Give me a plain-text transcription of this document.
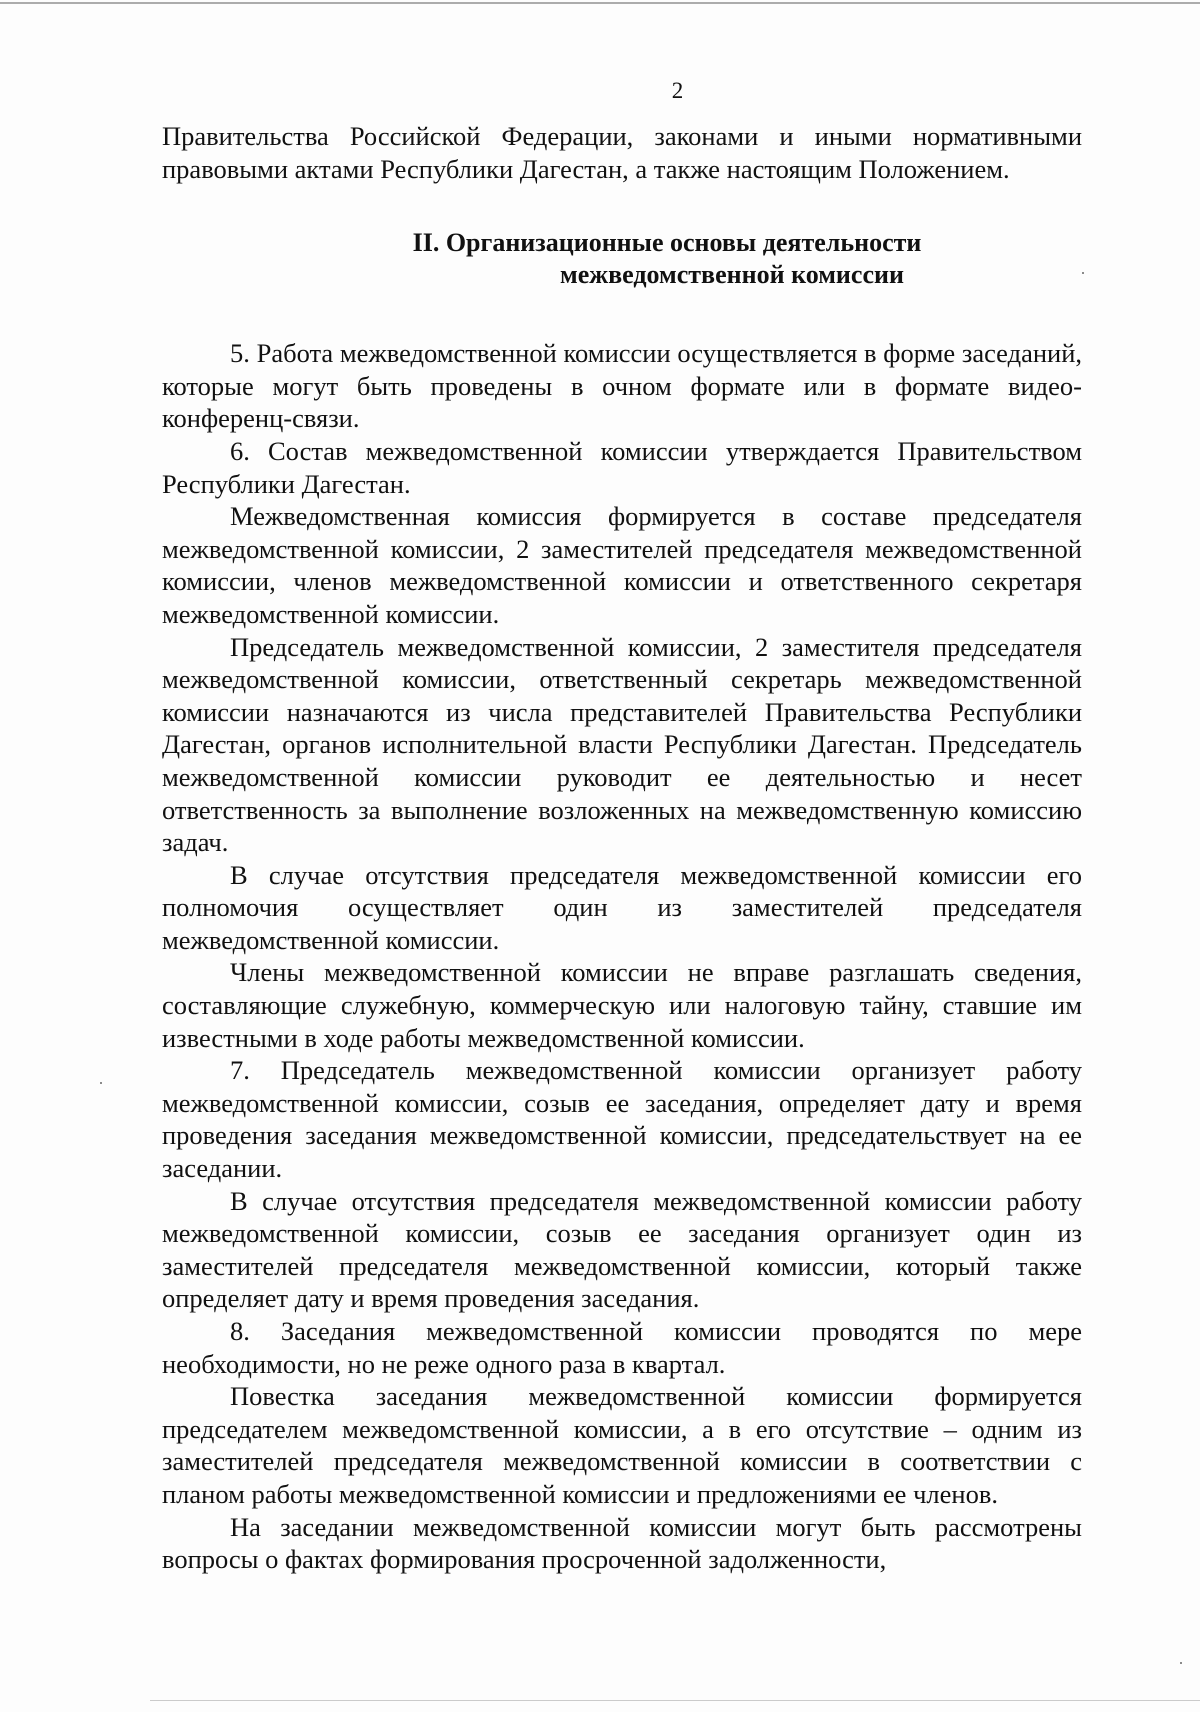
2

Правительства Российской Федерации, законами и иными нормативными правовыми актами Республики Дагестан, а также настоящим Положением.

II. Организационные основы деятельности
межведомственной комиссии

5. Работа межведомственной комиссии осуществляется в форме заседаний, которые могут быть проведены в очном формате или в формате видео-конференц-связи.

6. Состав межведомственной комиссии утверждается Правительством Республики Дагестан.

Межведомственная комиссия формируется в составе председателя межведомственной комиссии, 2 заместителей председателя межведомственной комиссии, членов межведомственной комиссии и ответственного секретаря межведомственной комиссии.

Председатель межведомственной комиссии, 2 заместителя председателя межведомственной комиссии, ответственный секретарь межведомственной комиссии назначаются из числа представителей Правительства Республики Дагестан, органов исполнительной власти Республики Дагестан. Председатель межведомственной комиссии руководит ее деятельностью и несет ответственность за выполнение возложенных на межведомственную комиссию задач.

В случае отсутствия председателя межведомственной комиссии его полномочия осуществляет один из заместителей председателя межведомственной комиссии.

Члены межведомственной комиссии не вправе разглашать сведения, составляющие служебную, коммерческую или налоговую тайну, ставшие им известными в ходе работы межведомственной комиссии.

7. Председатель межведомственной комиссии организует работу межведомственной комиссии, созыв ее заседания, определяет дату и время проведения заседания межведомственной комиссии, председательствует на ее заседании.

В случае отсутствия председателя межведомственной комиссии работу межведомственной комиссии, созыв ее заседания организует один из заместителей председателя межведомственной комиссии, который также определяет дату и время проведения заседания.

8. Заседания межведомственной комиссии проводятся по мере необходимости, но не реже одного раза в квартал.

Повестка заседания межведомственной комиссии формируется председателем межведомственной комиссии, а в его отсутствие – одним из заместителей председателя межведомственной комиссии в соответствии с планом работы межведомственной комиссии и предложениями ее членов.

На заседании межведомственной комиссии могут быть рассмотрены вопросы о фактах формирования просроченной задолженности,
